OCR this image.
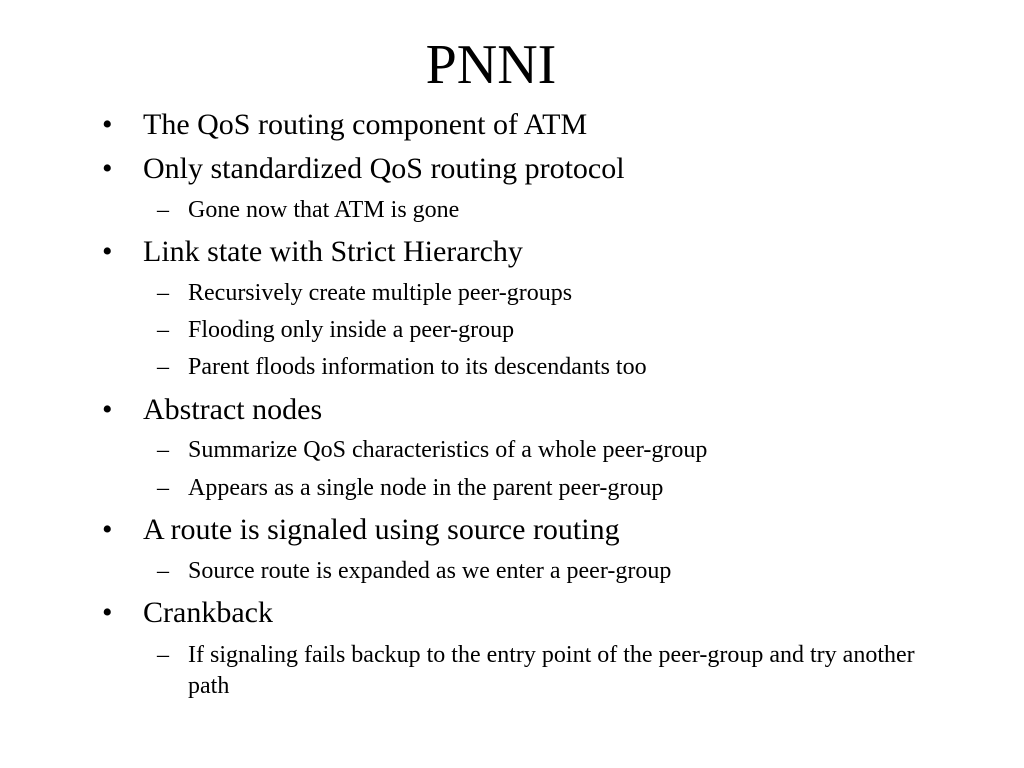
PNNI
• The QoS routing component of ATM
• Only standardized QoS routing protocol
– Gone now that ATM is gone
• Link state with Strict Hierarchy
– Recursively create multiple peer-groups
– Flooding only inside a peer-group
– Parent floods information to its descendants too
• Abstract nodes
– Summarize QoS characteristics of a whole peer-group
– Appears as a single node in the parent peer-group
• A route is signaled using source routing
– Source route is expanded as we enter a peer-group
• Crankback
– If signaling fails backup to the entry point of the peer-group and try another path
